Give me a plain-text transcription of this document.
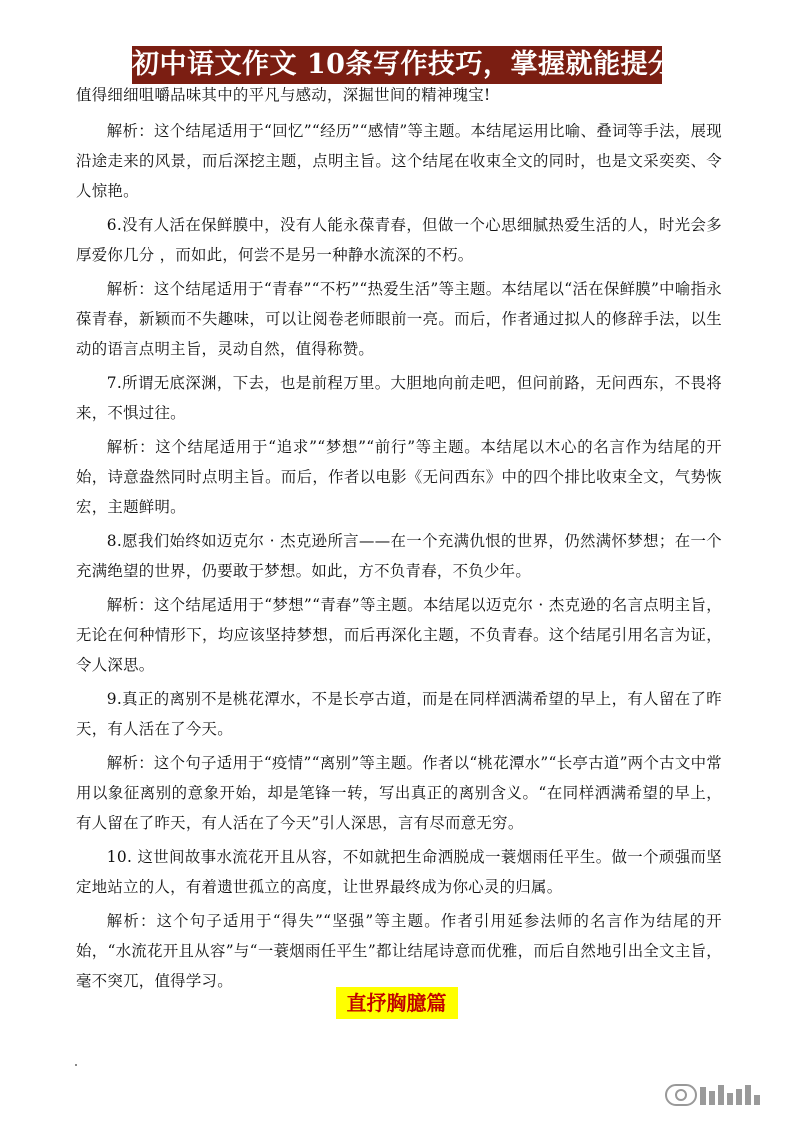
初中语文作文 10条写作技巧，掌握就能提分

值得细细咀嚼品味其中的平凡与感动，深掘世间的精神瑰宝!

解析：这个结尾适用于“回忆”“经历”“感情”等主题。本结尾运用比喻、叠词等手法，展现沿途走来的风景，而后深挖主题，点明主旨。这个结尾在收束全文的同时，也是文采奕奕、令人惊艳。

6.没有人活在保鲜膜中，没有人能永葆青春，但做一个心思细腻热爱生活的人，时光会多厚爱你几分 ，而如此，何尝不是另一种静水流深的不朽。

解析：这个结尾适用于“青春”“不朽”“热爱生活”等主题。本结尾以“活在保鲜膜”中喻指永葆青春，新颖而不失趣味，可以让阅卷老师眼前一亮。而后，作者通过拟人的修辞手法，以生动的语言点明主旨，灵动自然，值得称赞。

7.所谓无底深渊，下去，也是前程万里。大胆地向前走吧，但问前路，无问西东，不畏将来，不惧过往。

解析：这个结尾适用于“追求”“梦想”“前行”等主题。本结尾以木心的名言作为结尾的开始，诗意盎然同时点明主旨。而后，作者以电影《无问西东》中的四个排比收束全文，气势恢宏，主题鲜明。

8.愿我们始终如迈克尔 · 杰克逊所言——在一个充满仇恨的世界，仍然满怀梦想；在一个充满绝望的世界，仍要敢于梦想。如此，方不负青春，不负少年。

解析：这个结尾适用于“梦想”“青春”等主题。本结尾以迈克尔 · 杰克逊的名言点明主旨，无论在何种情形下，均应该坚持梦想，而后再深化主题，不负青春。这个结尾引用名言为证，令人深思。

9.真正的离别不是桃花潭水，不是长亭古道，而是在同样洒满希望的早上，有人留在了昨天，有人活在了今天。

解析：这个句子适用于“疫情”“离别”等主题。作者以“桃花潭水”“长亭古道”两个古文中常用以象征离别的意象开始，却是笔锋一转，写出真正的离别含义。“在同样洒满希望的早上，有人留在了昨天，有人活在了今天”引人深思，言有尽而意无穷。

10. 这世间故事水流花开且从容，不如就把生命洒脱成一蓑烟雨任平生。做一个顽强而坚定地站立的人，有着遗世孤立的高度，让世界最终成为你心灵的归属。

解析：这个句子适用于“得失”“坚强”等主题。作者引用延参法师的名言作为结尾的开始，“水流花开且从容”与“一蓑烟雨任平生”都让结尾诗意而优雅，而后自然地引出全文主旨，毫不突兀，值得学习。

直抒胸臆篇
